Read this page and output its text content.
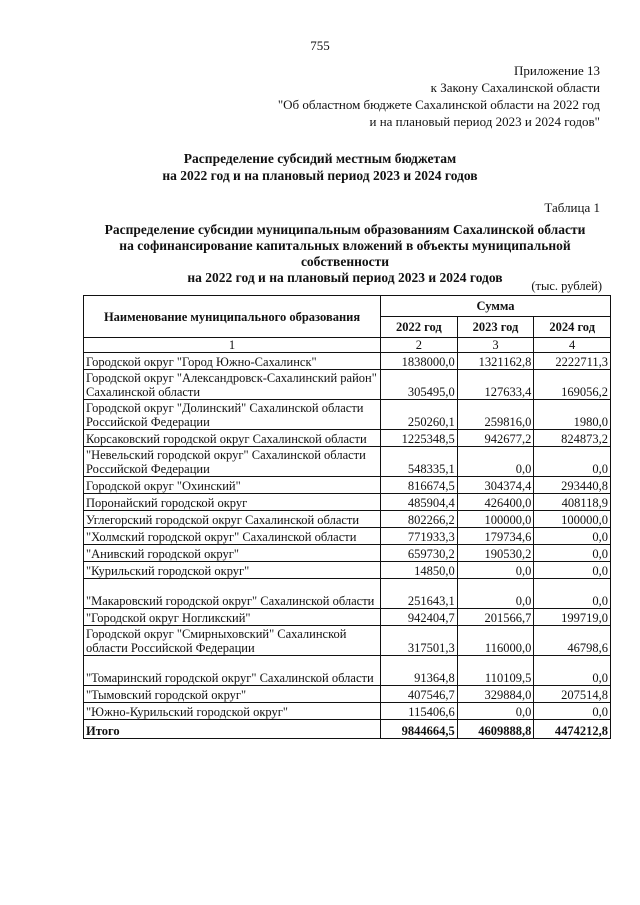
755
Приложение 13
к Закону Сахалинской области
"Об областном бюджете Сахалинской области на 2022 год
и на плановый период 2023 и 2024 годов"
Распределение субсидий местным бюджетам
на 2022 год и на плановый период 2023 и 2024 годов
Таблица 1
Распределение субсидии муниципальным образованиям Сахалинской области
на софинансирование капитальных вложений в объекты муниципальной
собственности
на 2022 год и на плановый период 2023 и 2024 годов
(тыс. рублей)
Наименование муниципального образования	Сумма		
	2022 год	2023 год	2024 год
1	2	3	4
Городской округ "Город Южно-Сахалинск"	1838000,0	1321162,8	2222711,3
Городской округ "Александровск-Сахалинский район" Сахалинской области	305495,0	127633,4	169056,2
Городской округ "Долинский" Сахалинской области Российской Федерации	250260,1	259816,0	1980,0
Корсаковский городской округ Сахалинской области	1225348,5	942677,2	824873,2
"Невельский городской округ" Сахалинской области Российской Федерации	548335,1	0,0	0,0
Городской округ "Охинский"	816674,5	304374,4	293440,8
Поронайский городской округ	485904,4	426400,0	408118,9
Углегорский городской округ Сахалинской области	802266,2	100000,0	100000,0
"Холмский городской округ" Сахалинской области	771933,3	179734,6	0,0
"Анивский городской округ"	659730,2	190530,2	0,0
"Курильский городской округ"	14850,0	0,0	0,0
"Макаровский городской округ" Сахалинской области	251643,1	0,0	0,0
"Городской округ Ногликский"	942404,7	201566,7	199719,0
Городской округ "Смирныховский" Сахалинской области Российской Федерации	317501,3	116000,0	46798,6
"Томаринский городской округ" Сахалинской области	91364,8	110109,5	0,0
"Тымовский городской округ"	407546,7	329884,0	207514,8
"Южно-Курильский городской округ"	115406,6	0,0	0,0
Итого	9844664,5	4609888,8	4474212,8
